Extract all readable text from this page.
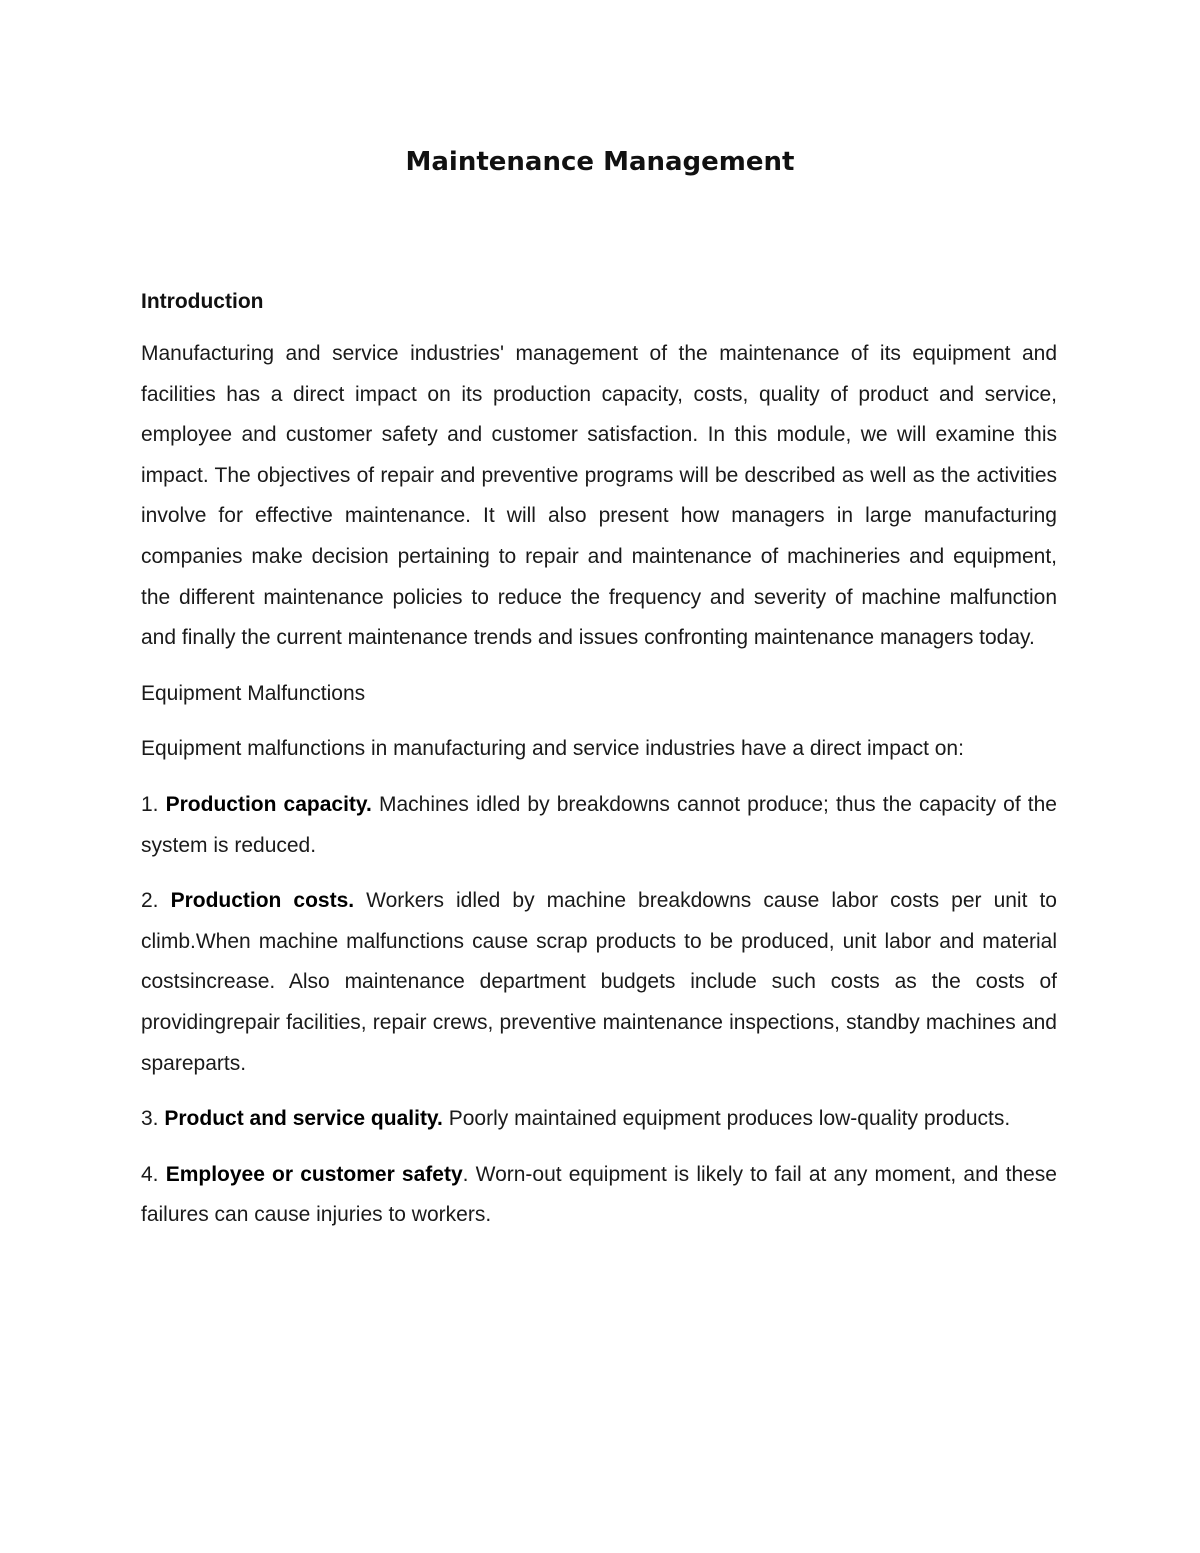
Maintenance Management
Introduction

Manufacturing and service industries' management of the maintenance of its equipment and facilities has a direct impact on its production capacity, costs, quality of product and service, employee and customer safety and customer satisfaction. In this module, we will examine this impact. The objectives of repair and preventive programs will be described as well as the activities involve for effective maintenance. It will also present how managers in large manufacturing companies make decision pertaining to repair and maintenance of machineries and equipment, the different maintenance policies to reduce the frequency and severity of machine malfunction and finally the current maintenance trends and issues confronting maintenance managers today.

Equipment Malfunctions

Equipment malfunctions in manufacturing and service industries have a direct impact on:

1. Production capacity. Machines idled by breakdowns cannot produce; thus the capacity of the system is reduced.

2. Production costs. Workers idled by machine breakdowns cause labor costs per unit to climb.When machine malfunctions cause scrap products to be produced, unit labor and material costsincrease. Also maintenance department budgets include such costs as the costs of providingrepair facilities, repair crews, preventive maintenance inspections, standby machines and spareparts.

3. Product and service quality. Poorly maintained equipment produces low-quality products.

4. Employee or customer safety. Worn-out equipment is likely to fail at any moment, and these failures can cause injuries to workers.
